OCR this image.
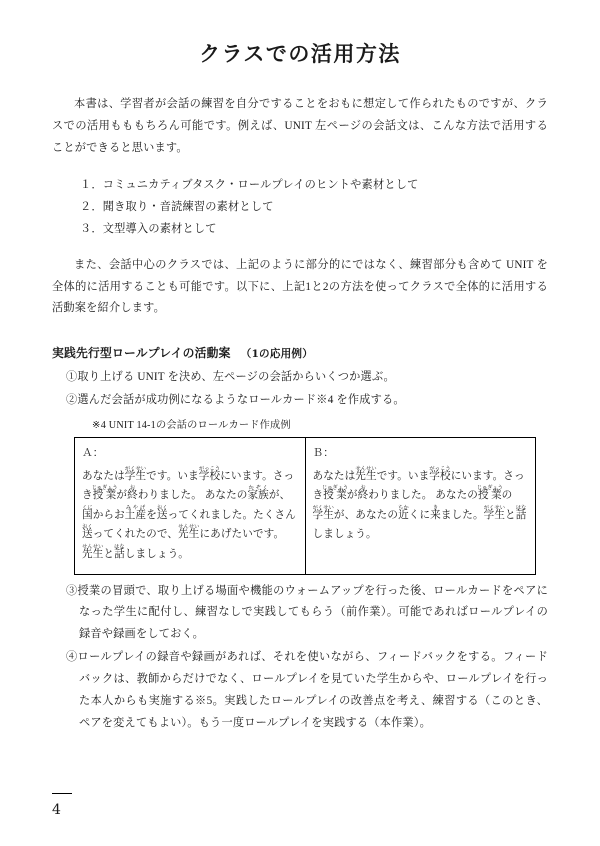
クラスでの活用方法

本書は、学習者が会話の練習を自分ですることをおもに想定して作られたものですが、クラスでの活用もももちろん可能です。例えば、UNIT 左ページの会話文は、こんな方法で活用することができると思います。

１．コミュニカティブタスク・ロールプレイのヒントや素材として
２．聞き取り・音読練習の素材として
３．文型導入の素材として

また、会話中心のクラスでは、上記のように部分的にではなく、練習部分も含めて UNIT を全体的に活用することも可能です。以下に、上記1と2の方法を使ってクラスで全体的に活用する活動案を紹介します。

実践先行型ロールプレイの活動案 （1の応用例）
①取り上げる UNIT を決め、左ページの会話からいくつか選ぶ。
②選んだ会話が成功例になるようなロールカード※4 を作成する。
※4 UNIT 14-1の会話のロールカード作成例
Ａ：
あなたは学生がくせいです。いま学校がっこうにいます。さっき授業じゅぎょうが終おわりました。 あなたの家族かぞくが、国くにからお土産みやげを送おくってくれました。たくさん送おくってくれたので、先生せんせいにあげたいです。先生せんせいと話はなしましょう。	
Ｂ：
あなたは先生せんせいです。いま学校がっこうにいます。さっき授業じゅぎょうが終おわりました。 あなたの授業じゅぎょうの学生がくせいが、あなたの近ちかくに来きました。学生がくせいと話はなしましょう。
③授業の冒頭で、取り上げる場面や機能のウォームアップを行った後、ロールカードをペアになった学生に配付し、練習なしで実践してもらう（前作業）。可能であればロールプレイの録音や録画をしておく。
④ロールプレイの録音や録画があれば、それを使いながら、フィードバックをする。フィードバックは、教師からだけでなく、ロールプレイを見ていた学生からや、ロールプレイを行った本人からも実施する※5。実践したロールプレイの改善点を考え、練習する（このとき、ペアを変えてもよい）。もう一度ロールプレイを実践する（本作業）。
4
